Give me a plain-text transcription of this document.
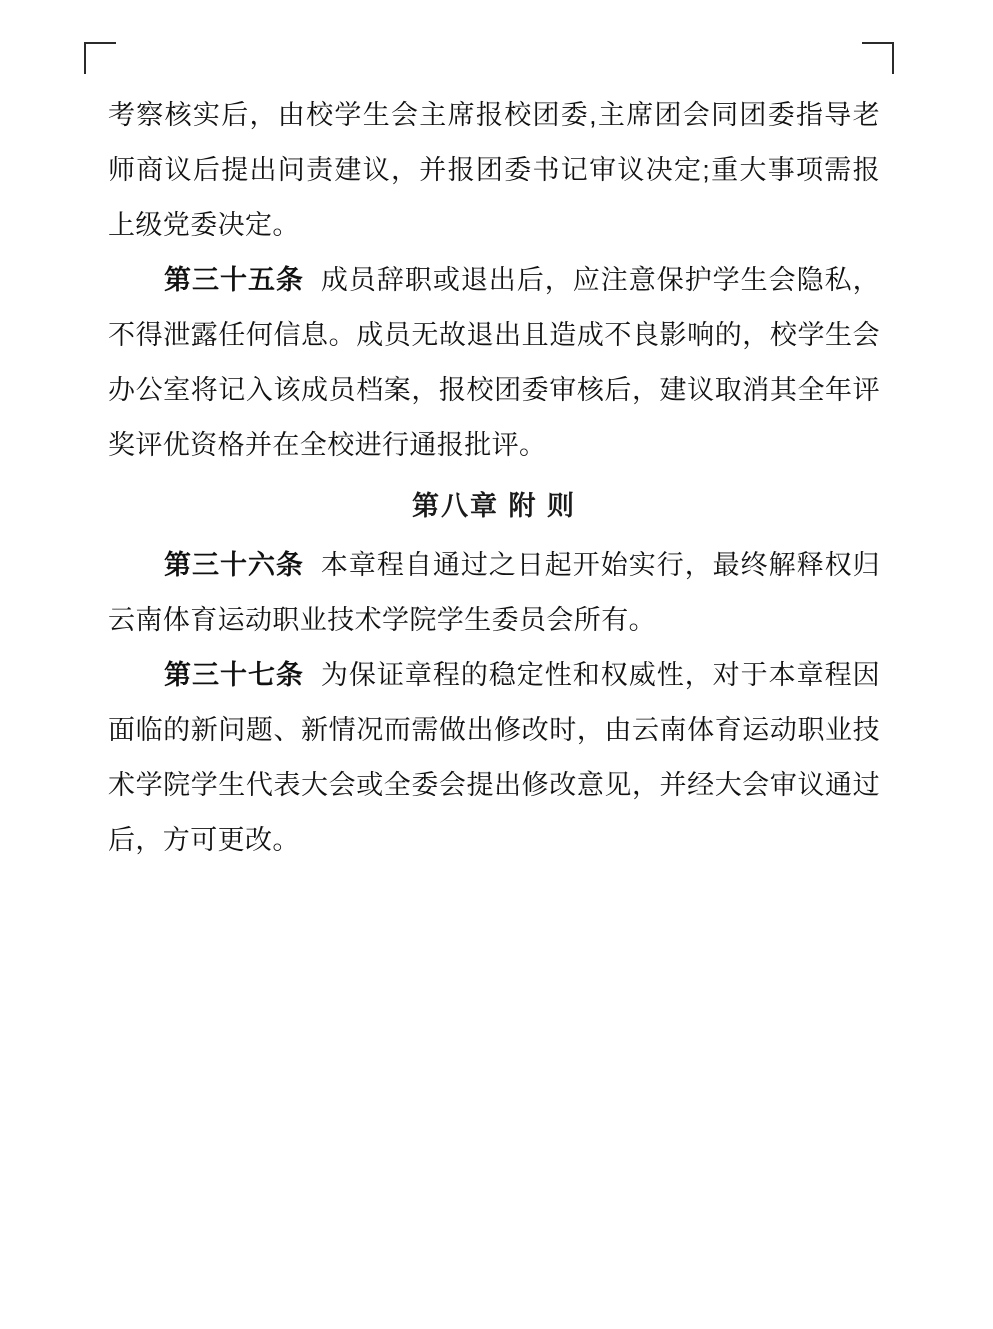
考察核实后，由校学生会主席报校团委,主席团会同团委指导老师商议后提出问责建议，并报团委书记审议决定;重大事项需报上级党委决定。

第三十五条 成员辞职或退出后，应注意保护学生会隐私，不得泄露任何信息。成员无故退出且造成不良影响的，校学生会办公室将记入该成员档案，报校团委审核后，建议取消其全年评奖评优资格并在全校进行通报批评。

第八章 附 则

第三十六条 本章程自通过之日起开始实行，最终解释权归云南体育运动职业技术学院学生委员会所有。

第三十七条 为保证章程的稳定性和权威性，对于本章程因面临的新问题、新情况而需做出修改时，由云南体育运动职业技术学院学生代表大会或全委会提出修改意见，并经大会审议通过后，方可更改。
